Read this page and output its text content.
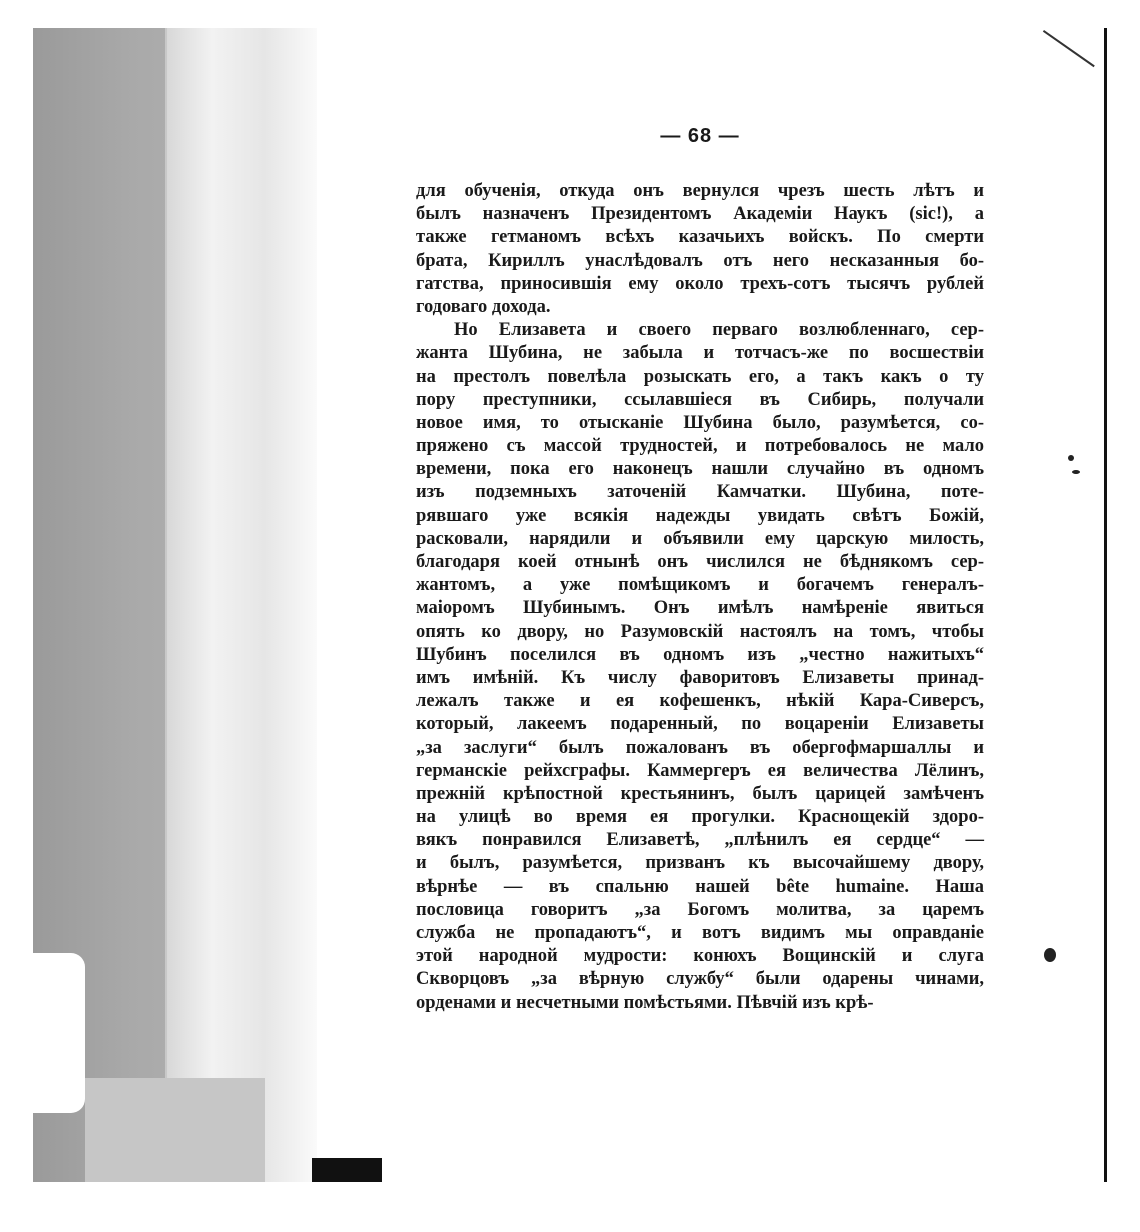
— 68 —

для обученія, откуда онъ вернулся чрезъ шесть лѣтъ и
былъ назначенъ Президентомъ Академіи Наукъ (sic!), а
также гетманомъ всѣхъ казачьихъ войскъ. По смерти
брата, Кириллъ унаслѣдовалъ отъ него несказанныя бо-
гатства, приносившія ему около трехъ-сотъ тысячъ рублей
годоваго дохода.

Но Елизавета и своего перваго возлюбленнаго, сер-
жанта Шубина, не забыла и тотчасъ-же по восшествіи
на престолъ повелѣла розыскать его, а такъ какъ о ту
пору преступники, ссылавшіеся въ Сибирь, получали
новое имя, то отысканіе Шубина было, разумѣется, со-
пряжено съ массой трудностей, и потребовалось не мало
времени, пока его наконецъ нашли случайно въ одномъ
изъ подземныхъ заточеній Камчатки. Шубина, поте-
рявшаго уже всякія надежды увидать свѣтъ Божій,
расковали, нарядили и объявили ему царскую милость,
благодаря коей отнынѣ онъ числился не бѣднякомъ сер-
жантомъ, а уже помѣщикомъ и богачемъ генералъ-
маіоромъ Шубинымъ. Онъ имѣлъ намѣреніе явиться
опять ко двору, но Разумовскій настоялъ на томъ, чтобы
Шубинъ поселился въ одномъ изъ „честно нажитыхъ“
имъ имѣній. Къ числу фаворитовъ Елизаветы принад-
лежалъ также и ея кофешенкъ, нѣкій Кара-Сиверсъ,
который, лакеемъ подаренный, по воцареніи Елизаветы
„за заслуги“ былъ пожалованъ въ обергофмаршаллы и
германскіе рейхсграфы. Каммергеръ ея величества Лёлинъ,
прежній крѣпостной крестьянинъ, былъ царицей замѣченъ
на улицѣ во время ея прогулки. Краснощекій здоро-
вякъ понравился Елизаветѣ, „плѣнилъ ея сердце“ —
и былъ, разумѣется, призванъ къ высочайшему двору,
вѣрнѣе — въ спальню нашей bête humaine. Наша
пословица говоритъ „за Богомъ молитва, за царемъ
служба не пропадаютъ“, и вотъ видимъ мы оправданіе
этой народной мудрости: конюхъ Вощинскій и слуга
Скворцовъ „за вѣрную службу“ были одарены чинами,
орденами и несчетными помѣстьями. Пѣвчій изъ крѣ-
